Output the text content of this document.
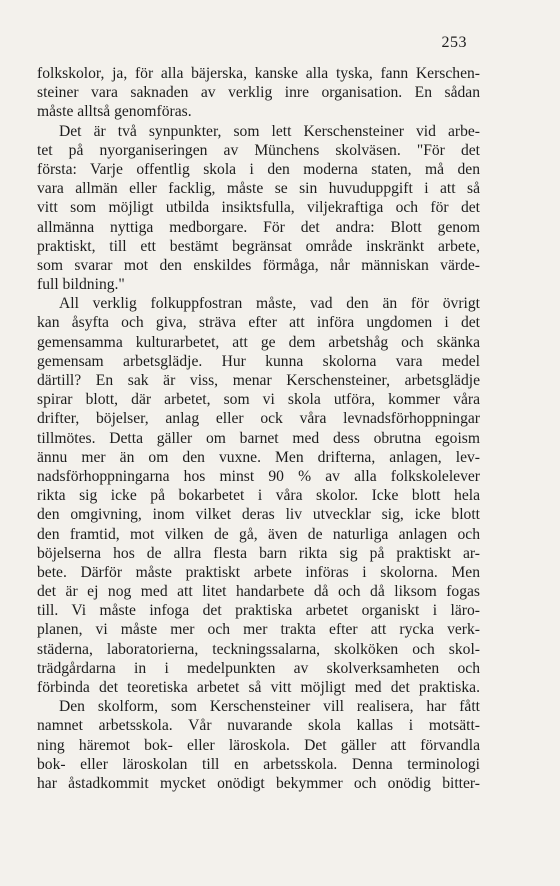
253
folkskolor, ja, för alla bäjerska, kanske alla tyska, fann Kerschen-
steiner vara saknaden av verklig inre organisation. En sådan
måste alltså genomföras.
Det är två synpunkter, som lett Kerschensteiner vid arbe-
tet på nyorganiseringen av Münchens skolväsen. "För det
första: Varje offentlig skola i den moderna staten, må den
vara allmän eller facklig, måste se sin huvuduppgift i att så
vitt som möjligt utbilda insiktsfulla, viljekraftiga och för det
allmänna nyttiga medborgare. För det andra: Blott genom
praktiskt, till ett bestämt begränsat område inskränkt arbete,
som svarar mot den enskildes förmåga, når människan värde-
full bildning."
All verklig folkuppfostran måste, vad den än för övrigt
kan åsyfta och giva, sträva efter att införa ungdomen i det
gemensamma kulturarbetet, att ge dem arbetshåg och skänka
gemensam arbetsglädje. Hur kunna skolorna vara medel
därtill? En sak är viss, menar Kerschensteiner, arbetsglädje
spirar blott, där arbetet, som vi skola utföra, kommer våra
drifter, böjelser, anlag eller ock våra levnadsförhoppningar
tillmötes. Detta gäller om barnet med dess obrutna egoism
ännu mer än om den vuxne. Men drifterna, anlagen, lev-
nadsförhoppningarna hos minst 90 % av alla folkskolelever
rikta sig icke på bokarbetet i våra skolor. Icke blott hela
den omgivning, inom vilket deras liv utvecklar sig, icke blott
den framtid, mot vilken de gå, även de naturliga anlagen och
böjelserna hos de allra flesta barn rikta sig på praktiskt ar-
bete. Därför måste praktiskt arbete införas i skolorna. Men
det är ej nog med att litet handarbete då och då liksom fogas
till. Vi måste infoga det praktiska arbetet organiskt i läro-
planen, vi måste mer och mer trakta efter att rycka verk-
städerna, laboratorierna, teckningssalarna, skolköken och skol-
trädgårdarna in i medelpunkten av skolverksamheten och
förbinda det teoretiska arbetet så vitt möjligt med det praktiska.
Den skolform, som Kerschensteiner vill realisera, har fått
namnet arbetsskola. Vår nuvarande skola kallas i motsätt-
ning häremot bok- eller läroskola. Det gäller att förvandla
bok- eller läroskolan till en arbetsskola. Denna terminologi
har åstadkommit mycket onödigt bekymmer och onödig bitter-
